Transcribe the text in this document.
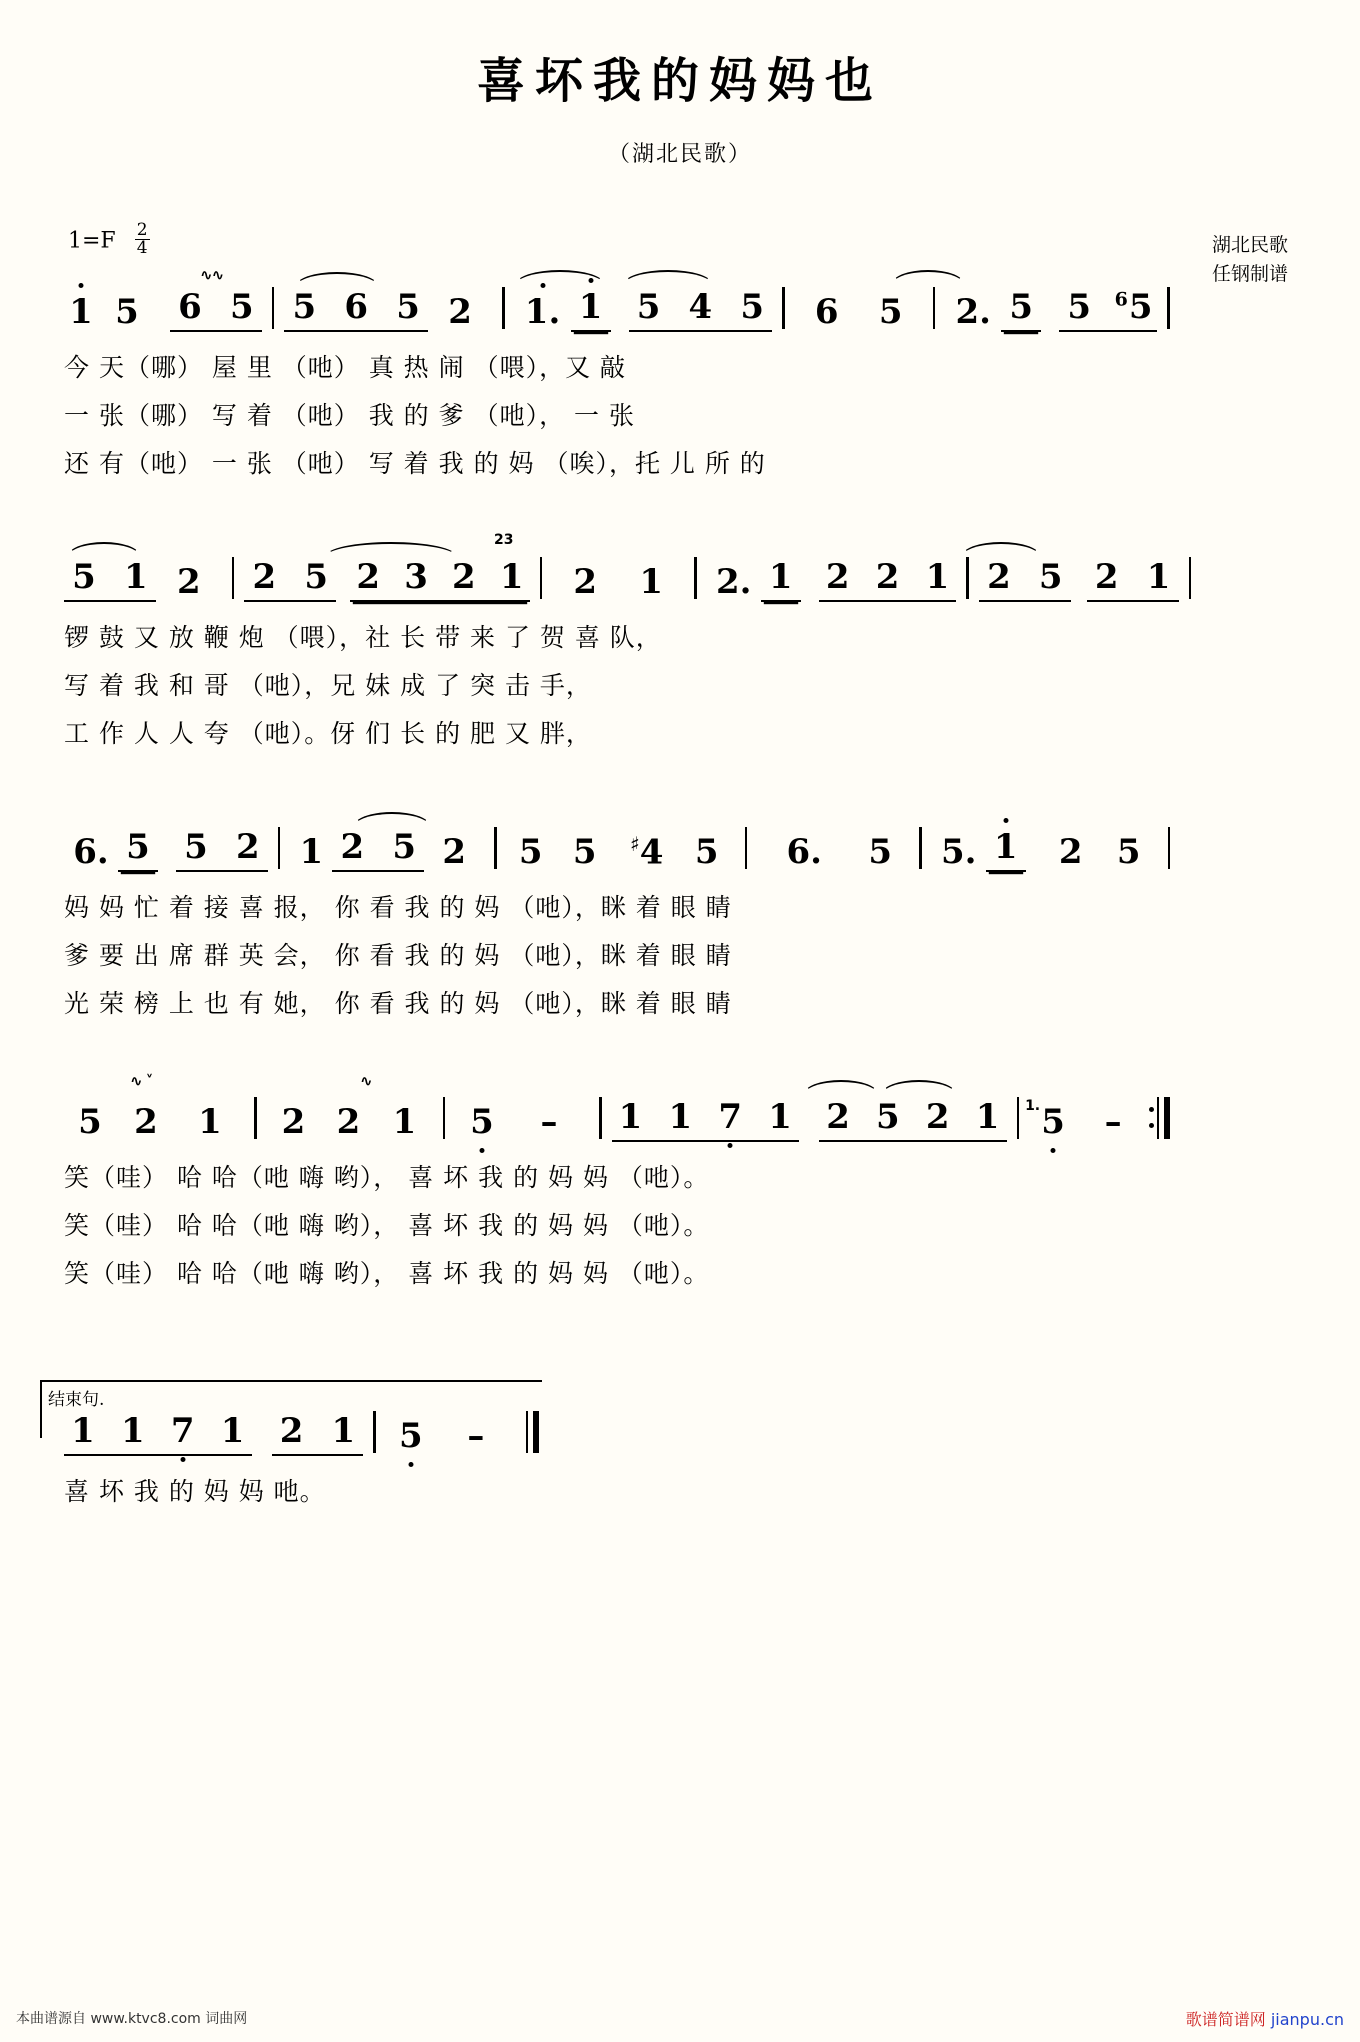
喜坏我的妈妈也
（湖北民歌）
$1=F \frac{2}{4}$	湖北民歌
任钢制谱
1 5	6 5
∿∿
5 6 5 2	1. 1 5 4 5	6	5	2. 5 5 $^6$5
今 天（哪） 屋 里 （吔） 真 热 闹 （喂），又 敲
一 张（哪） 写 着 （吔） 我 的 爹 （吔）， 一 张
还 有（吔） 一 张 （吔） 写 着 我 的 妈 （唉），托 儿 所 的
5 1 2	2 5 2 3 2 1	2
23
1	2. 1 2 2 1 2 5 2 1
锣 鼓 又 放 鞭 炮 （喂），社 长 带 来 了 贺 喜 队，
写 着 我 和 哥 （吔），兄 妹 成 了 突 击 手，
工 作 人 人 夸 （吔）。伢 们 长 的 肥 又 胖，
6. 5 5 2 1 2 5 2	5 5	♯4 5	6.	5	5. 1	2	5
妈 妈 忙 着 接 喜 报， 你 看 我 的 妈 （吔），眯 着 眼 睛
爹 要 出 席 群 英 会， 你 看 我 的 妈 （吔），眯 着 眼 睛
光 荣 榜 上 也 有 她， 你 看 我 的 妈 （吔），眯 着 眼 睛
5 2
∿ ˅
1	2 2
∿
1	5	–	1 1 7 1 2 5 2 1	1. 5	–
笑（哇） 哈 哈（吔 嗨 哟）， 喜 坏 我 的 妈 妈 （吔）。
笑（哇） 哈 哈（吔 嗨 哟）， 喜 坏 我 的 妈 妈 （吔）。
笑（哇） 哈 哈（吔 嗨 哟）， 喜 坏 我 的 妈 妈 （吔）。
结束句.
1 1 7 1 2 1	5	–
喜 坏 我 的 妈 妈 吔。
本曲谱源自 www.ktvc8.com 词曲网	歌谱简谱网 jianpu.cn
